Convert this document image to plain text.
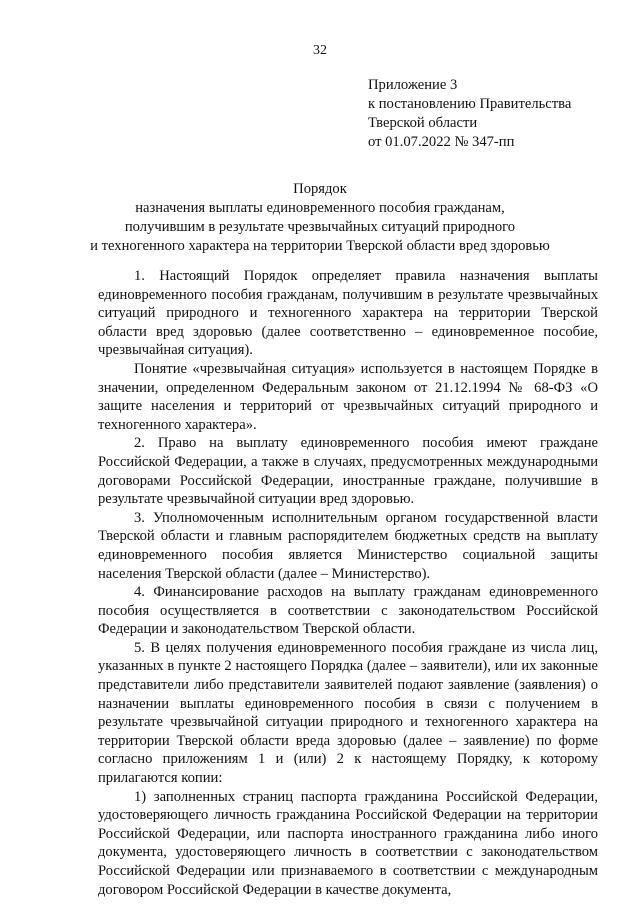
32
Приложение 3
к постановлению Правительства
Тверской области
от 01.07.2022 № 347-пп
Порядок
назначения выплаты единовременного пособия гражданам,
получившим в результате чрезвычайных ситуаций природного
и техногенного характера на территории Тверской области вред здоровью

1. Настоящий Порядок определяет правила назначения выплаты единовременного пособия гражданам, получившим в результате чрезвычайных ситуаций природного и техногенного характера на территории Тверской области вред здоровью (далее соответственно – единовременное пособие, чрезвычайная ситуация).

Понятие «чрезвычайная ситуация» используется в настоящем Порядке в значении, определенном Федеральным законом от 21.12.1994 № 68-ФЗ «О защите населения и территорий от чрезвычайных ситуаций природного и техногенного характера».

2. Право на выплату единовременного пособия имеют граждане Российской Федерации, а также в случаях, предусмотренных международными договорами Российской Федерации, иностранные граждане, получившие в результате чрезвычайной ситуации вред здоровью.

3. Уполномоченным исполнительным органом государственной власти Тверской области и главным распорядителем бюджетных средств на выплату единовременного пособия является Министерство социальной защиты населения Тверской области (далее – Министерство).

4. Финансирование расходов на выплату гражданам единовременного пособия осуществляется в соответствии с законодательством Российской Федерации и законодательством Тверской области.

5. В целях получения единовременного пособия граждане из числа лиц, указанных в пункте 2 настоящего Порядка (далее – заявители), или их законные представители либо представители заявителей подают заявление (заявления) о назначении выплаты единовременного пособия в связи с получением в результате чрезвычайной ситуации природного и техногенного характера на территории Тверской области вреда здоровью (далее – заявление) по форме согласно приложениям 1 и (или) 2 к настоящему Порядку, к которому прилагаются копии:

1) заполненных страниц паспорта гражданина Российской Федерации, удостоверяющего личность гражданина Российской Федерации на территории Российской Федерации, или паспорта иностранного гражданина либо иного документа, удостоверяющего личность в соответствии с законодательством Российской Федерации или признаваемого в соответствии с международным договором Российской Федерации в качестве документа,
